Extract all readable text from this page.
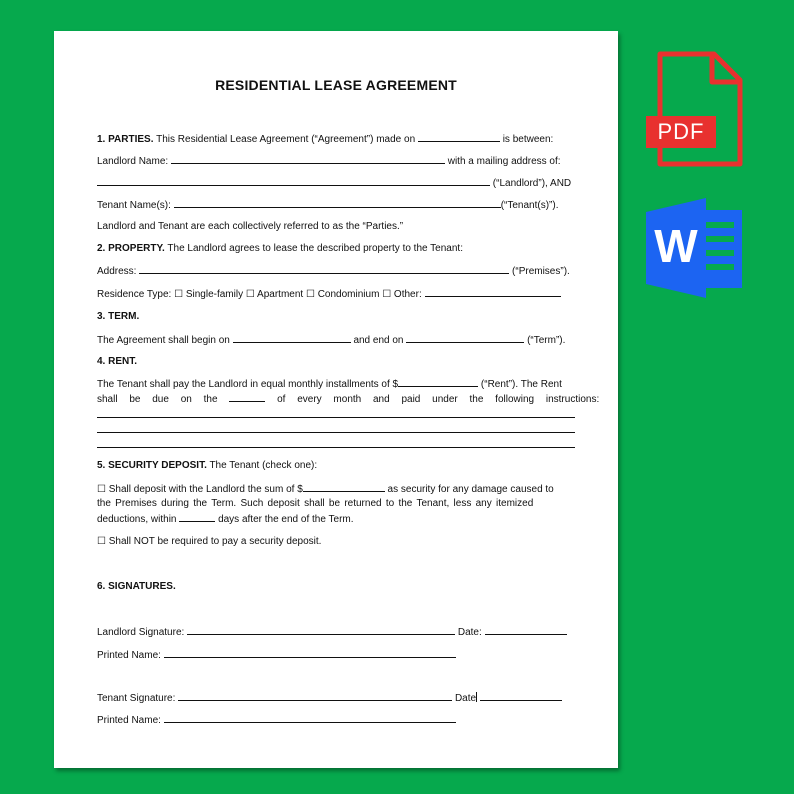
RESIDENTIAL LEASE AGREEMENT
1. PARTIES. This Residential Lease Agreement (“Agreement”) made on	is between:
Landlord Name:	with a mailing address of:
(“Landlord”), AND
Tenant Name(s):	(“Tenant(s)”).
Landlord and Tenant are each collectively referred to as the “Parties.”
2. PROPERTY. The Landlord agrees to lease the described property to the Tenant:
Address:	(“Premises”).
Residence Type: ☐ Single-family ☐ Apartment ☐ Condominium ☐ Other:
3. TERM.
The Agreement shall begin on	and end on	(“Term”).
4. RENT.
The Tenant shall pay the Landlord in equal monthly installments of $	(“Rent”). The Rent
shall be due on the	of every month and paid under the following instructions:
5. SECURITY DEPOSIT. The Tenant (check one):
☐ Shall deposit with the Landlord the sum of $	as security for any damage caused to
the Premises during the Term. Such deposit shall be returned to the Tenant, less any itemized
deductions, within	days after the end of the Term.
☐ Shall NOT be required to pay a security deposit.
6. SIGNATURES.
Landlord Signature:	Date:
Printed Name:
Tenant Signature:	Date
Printed Name:
PDF
W
